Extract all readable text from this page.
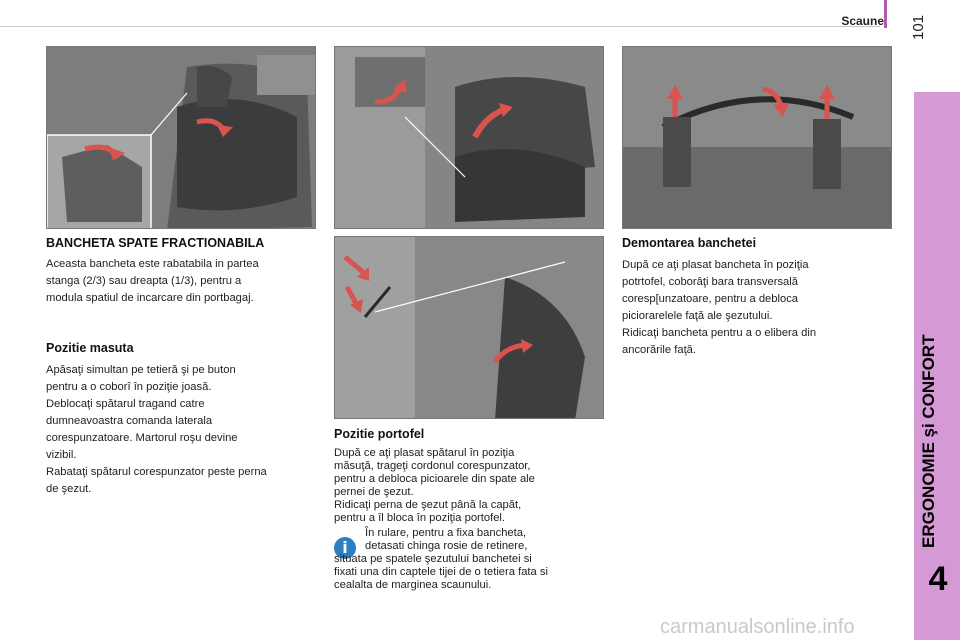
Scaune 101
ERGONOMIE şi CONFORT
4
BANCHETA SPATE FRACTIONABILA

Aceasta bancheta este rabatabila in partea

stanga (2/3) sau dreapta (1/3), pentru a

modula spatiul de incarcare din portbagaj.

Pozitie masuta

Apăsaţi simultan pe tetieră şi pe buton

pentru a o coborî în poziţie joasă.

Deblocaţi spătarul tragand catre

dumneavoastra comanda laterala

corespunzatoare. Martorul roşu devine

vizibil.

Rabataţi spătarul corespunzator peste perna

de şezut.

Pozitie portofel

După ce aţi plasat spătarul în poziţia

măsuţă, trageţi cordonul corespunzator,

pentru a debloca picioarele din spate ale

pernei de şezut.

Ridicaţi perna de şezut până la capăt,

pentru a îl bloca în poziţia portofel.

i

În rulare, pentru a fixa bancheta,

detasati chinga rosie de retinere,

situata pe spatele şezutului banchetei si

fixati una din captele tijei de o tetiera fata si

cealalta de marginea scaunului.

Demontarea banchetei

După ce aţi plasat bancheta în poziţia

potrtofel, coborâţi bara transversală

coresp[unzatoare, pentru a debloca

piciorarelele faţă ale şezutului.

Ridicaţi bancheta pentru a o elibera din

ancorările faţă.

carmanualsonline.info
